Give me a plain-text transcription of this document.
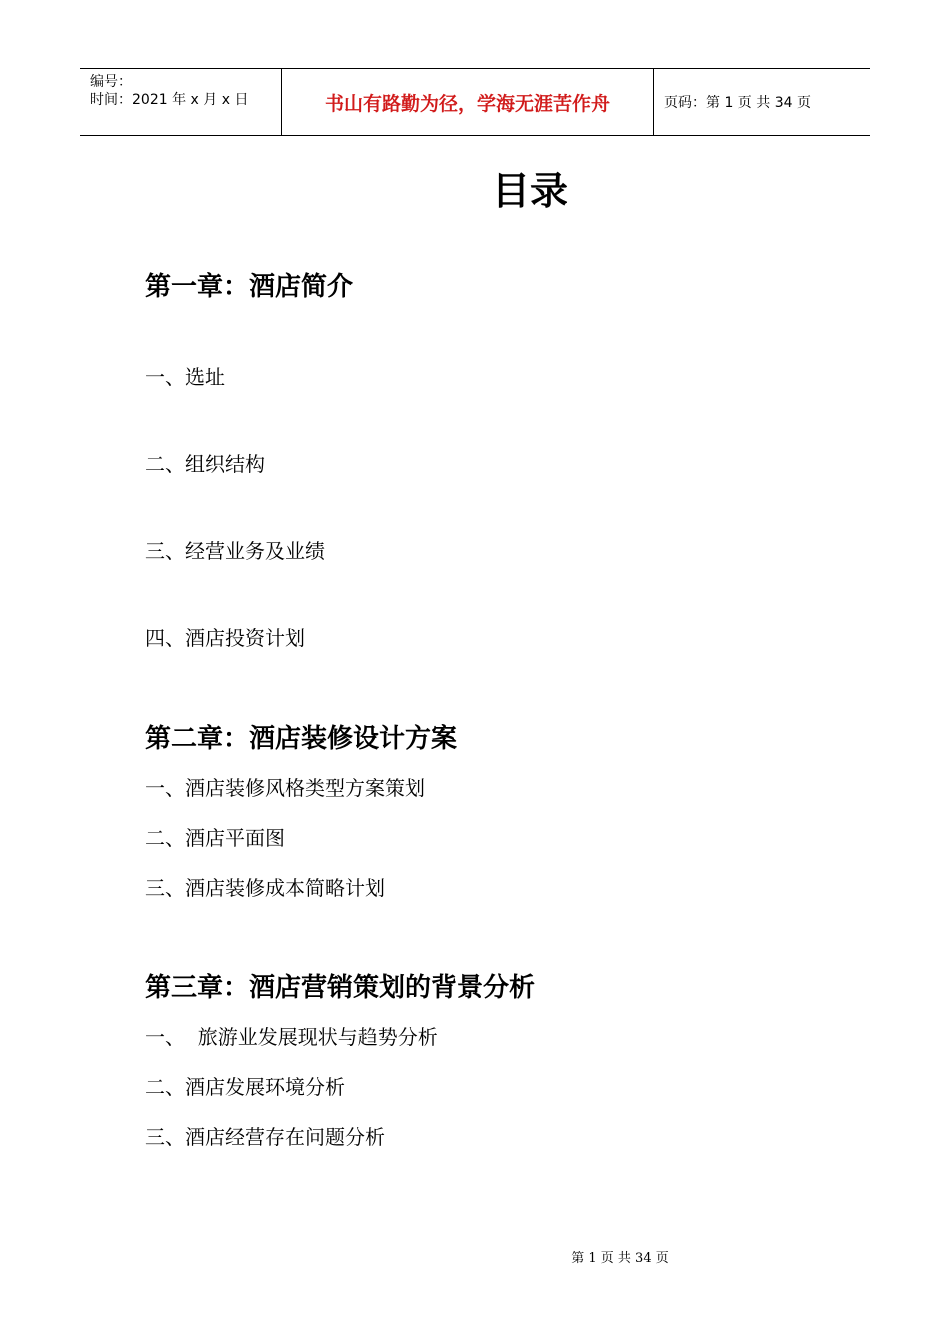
编号：
时间：2021 年 x 月 x 日	书山有路勤为径，学海无涯苦作舟	页码：第 1 页 共 34 页
目录
第一章：酒店简介
一、选址
二、组织结构
三、经营业务及业绩
四、酒店投资计划
第二章：酒店装修设计方案
一、酒店装修风格类型方案策划
二、酒店平面图
三、酒店装修成本简略计划
第三章：酒店营销策划的背景分析
一、  旅游业发展现状与趋势分析
二、酒店发展环境分析
三、酒店经营存在问题分析
第 1 页 共 34 页
